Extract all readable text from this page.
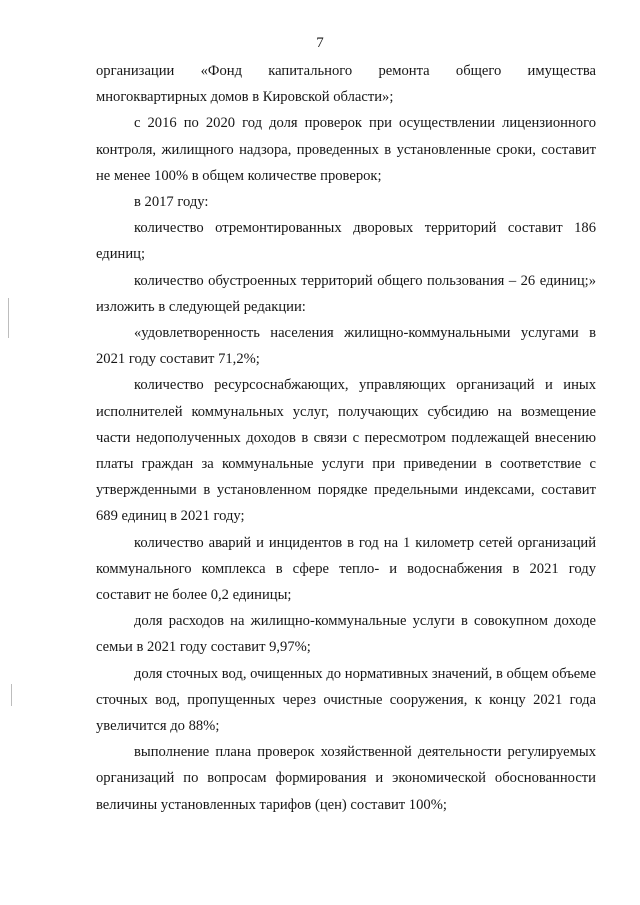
7

организации «Фонд капитального ремонта общего имущества многоквартирных домов в Кировской области»;

с 2016 по 2020 год доля проверок при осуществлении лицензионного контроля, жилищного надзора, проведенных в установленные сроки, составит не менее 100% в общем количестве проверок;

в 2017 году:

количество отремонтированных дворовых территорий составит 186 единиц;

количество обустроенных территорий общего пользования – 26 единиц;» изложить в следующей редакции:

«удовлетворенность населения жилищно-коммунальными услугами в 2021 году составит 71,2%;

количество ресурсоснабжающих, управляющих организаций и иных исполнителей коммунальных услуг, получающих субсидию на возмещение части недополученных доходов в связи с пересмотром подлежащей внесению платы граждан за коммунальные услуги при приведении в соответствие с утвержденными в установленном порядке предельными индексами, составит 689 единиц в 2021 году;

количество аварий и инцидентов в год на 1 километр сетей организаций коммунального комплекса в сфере тепло- и водоснабжения в 2021 году составит не более 0,2 единицы;

доля расходов на жилищно-коммунальные услуги в совокупном доходе семьи в 2021 году составит 9,97%;

доля сточных вод, очищенных до нормативных значений, в общем объеме сточных вод, пропущенных через очистные сооружения, к концу 2021 года увеличится до 88%;

выполнение плана проверок хозяйственной деятельности регулируемых организаций по вопросам формирования и экономической обоснованности величины установленных тарифов (цен) составит 100%;
